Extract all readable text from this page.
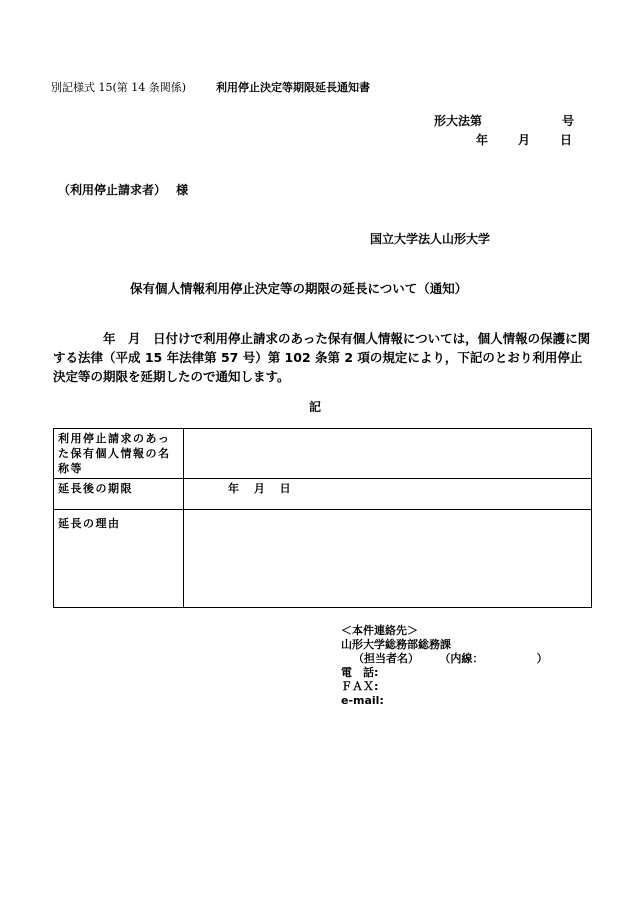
別記様式 15(第 14 条関係)	利用停止決定等期限延長通知書
形大法第	号
年 月 日
（利用停止請求者）　 様
国立大学法人山形大学
保有個人情報利用停止決定等の期限の延長について（通知）
　　　　年　月　日付けで利用停止請求のあった保有個人情報については，個人情報の保護に関する法律（平成 15 年法律第 57 号）第 102 条第 2 項の規定により，下記のとおり利用停止決定等の期限を延期したので通知します。
記
利用停止請求のあった保有個人情報の名称等	
延長後の期限	年　 月　 日
延長の理由	
＜本件連絡先＞
山形大学総務部総務課
（担当者名）　　 （内線：　　　　　 ）
電　話:
ＦＡＸ:
e-mail:
